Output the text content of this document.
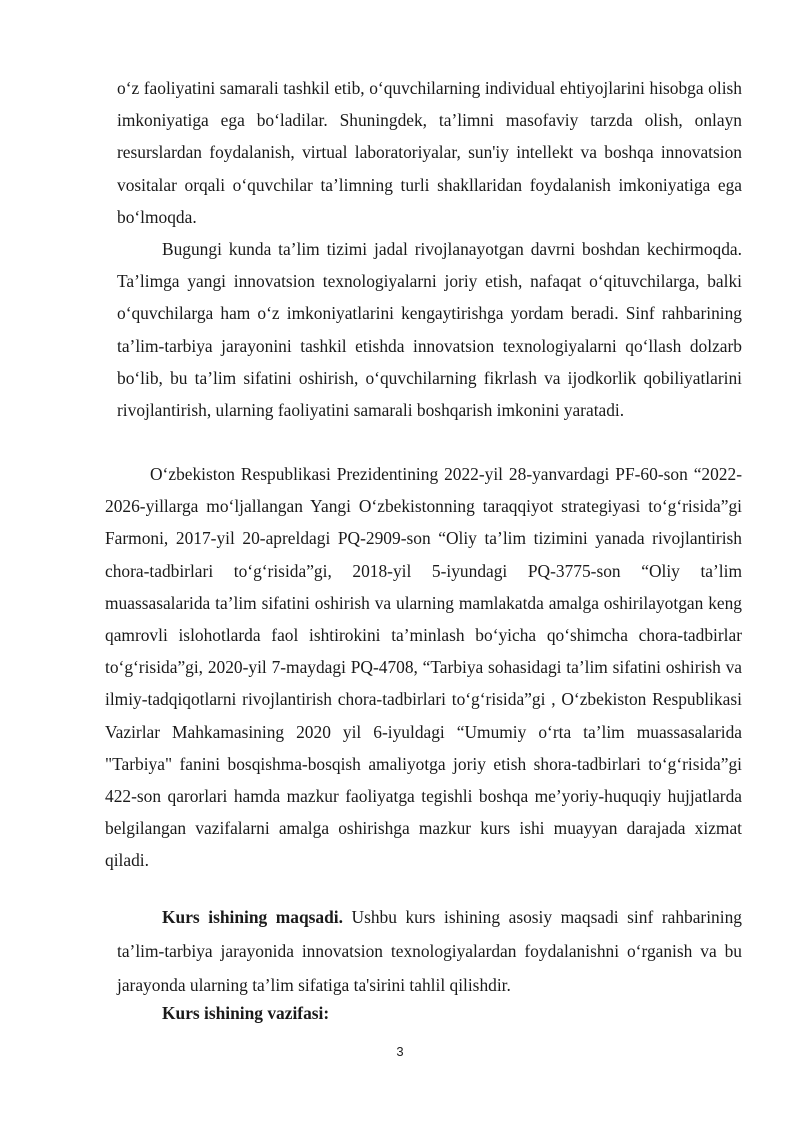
o‘z faoliyatini samarali tashkil etib, o‘quvchilarning individual ehtiyojlarini hisobga olish imkoniyatiga ega bo‘ladilar. Shuningdek, ta’limni masofaviy tarzda olish, onlayn resurslardan foydalanish, virtual laboratoriyalar, sun'iy intellekt va boshqa innovatsion vositalar orqali o‘quvchilar ta’limning turli shakllaridan foydalanish imkoniyatiga ega bo‘lmoqda.

Bugungi kunda ta’lim tizimi jadal rivojlanayotgan davrni boshdan kechirmoqda. Ta’limga yangi innovatsion texnologiyalarni joriy etish, nafaqat o‘qituvchilarga, balki o‘quvchilarga ham o‘z imkoniyatlarini kengaytirishga yordam beradi. Sinf rahbarining ta’lim-tarbiya jarayonini tashkil etishda innovatsion texnologiyalarni qo‘llash dolzarb bo‘lib, bu ta’lim sifatini oshirish, o‘quvchilarning fikrlash va ijodkorlik qobiliyatlarini rivojlantirish, ularning faoliyatini samarali boshqarish imkonini yaratadi.

O‘zbekiston Respublikasi Prezidentining 2022-yil 28-yanvardagi PF-60-son “2022-2026-yillarga mo‘ljallangan Yangi O‘zbekistonning taraqqiyot strategiyasi to‘g‘risida”gi Farmoni, 2017-yil 20-apreldagi PQ-2909-son “Oliy ta’lim tizimini yanada rivojlantirish chora-tadbirlari to‘g‘risida”gi, 2018-yil 5-iyundagi PQ-3775-son “Oliy ta’lim muassasalarida ta’lim sifatini oshirish va ularning mamlakatda amalga oshirilayotgan keng qamrovli islohotlarda faol ishtirokini ta’minlash bo‘yicha qo‘shimcha chora-tadbirlar to‘g‘risida”gi, 2020-yil 7-maydagi PQ-4708, “Tarbiya sohasidagi ta’lim sifatini oshirish va ilmiy-tadqiqotlarni rivojlantirish chora-tadbirlari to‘g‘risida”gi , O‘zbekiston Respublikasi Vazirlar Mahkamasining 2020 yil 6-iyuldagi “Umumiy o‘rta ta’lim muassasalarida "Tarbiya" fanini bosqishma-bosqish amaliyotga joriy etish shora-tadbirlari to‘g‘risida”gi 422-son qarorlari hamda mazkur faoliyatga tegishli boshqa me’yoriy-huquqiy hujjatlarda belgilangan vazifalarni amalga oshirishga mazkur kurs ishi muayyan darajada xizmat qiladi.

Kurs ishining maqsadi. Ushbu kurs ishining asosiy maqsadi sinf rahbarining ta’lim-tarbiya jarayonida innovatsion texnologiyalardan foydalanishni o‘rganish va bu jarayonda ularning ta’lim sifatiga ta'sirini tahlil qilishdir.

Kurs ishining vazifasi:

3
